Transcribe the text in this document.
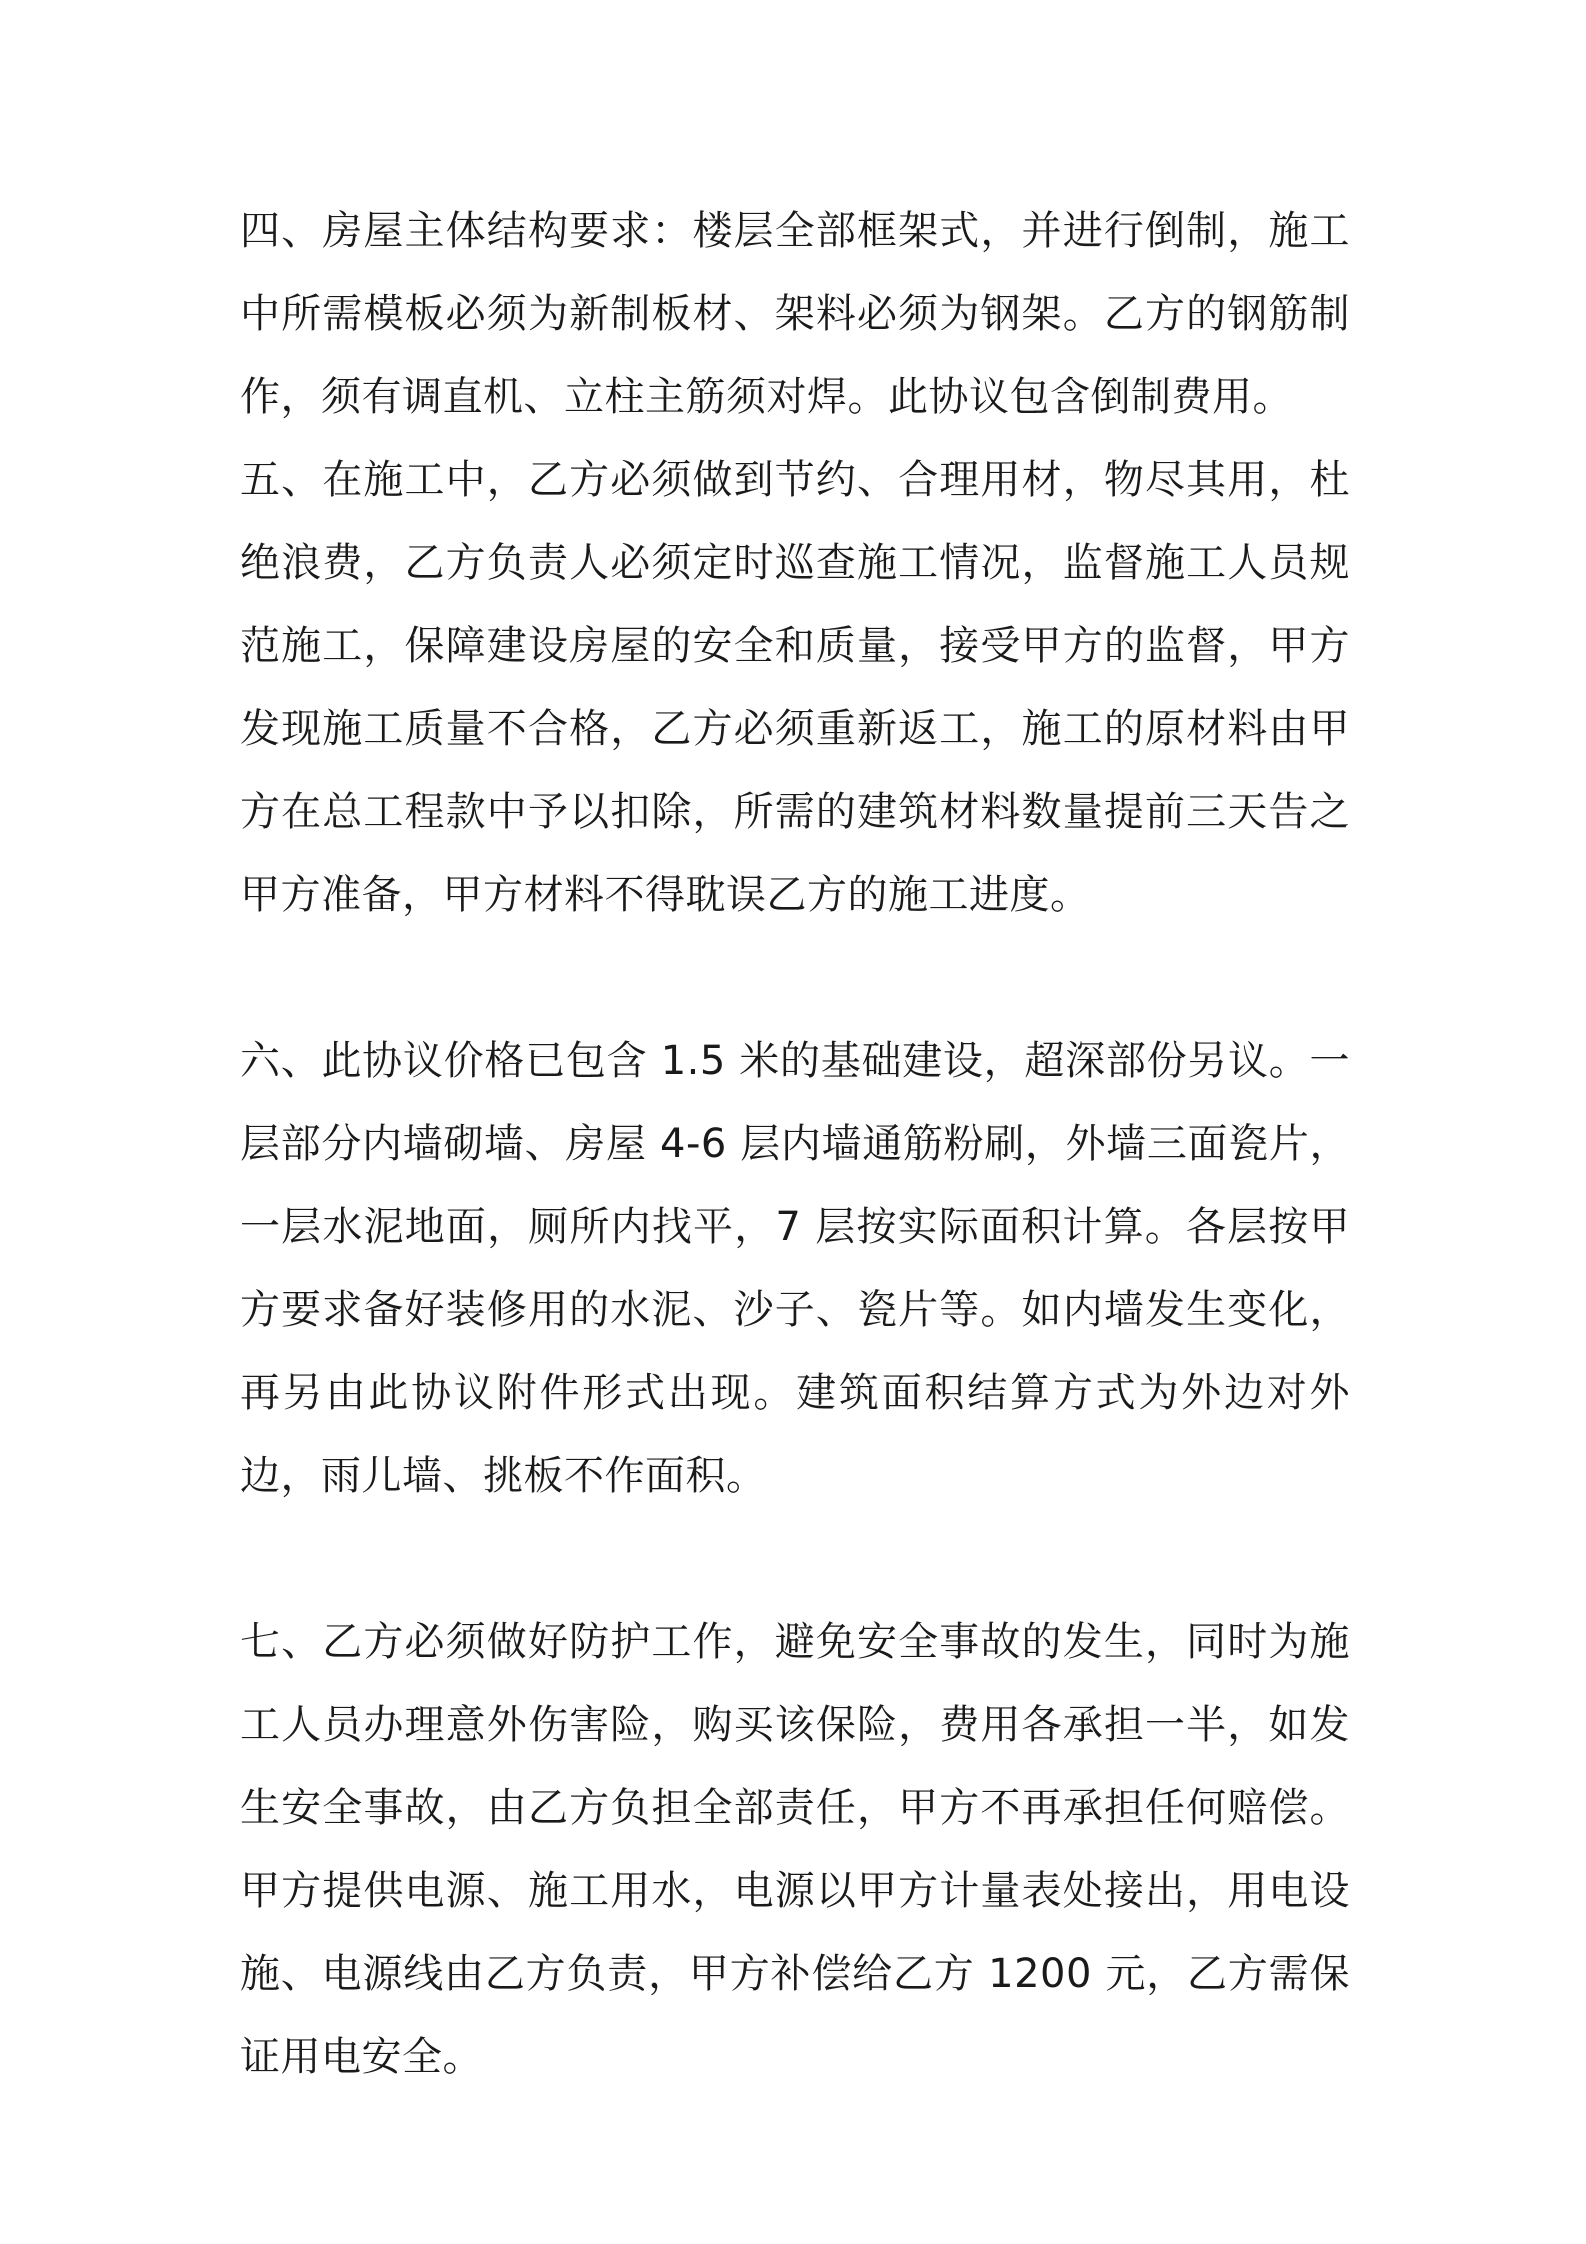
四、房屋主体结构要求：楼层全部框架式，并进行倒制，施工中所需模板必须为新制板材、架料必须为钢架。乙方的钢筋制作，须有调直机、立柱主筋须对焊。此协议包含倒制费用。

五、在施工中，乙方必须做到节约、合理用材，物尽其用，杜绝浪费，乙方负责人必须定时巡查施工情况，监督施工人员规范施工，保障建设房屋的安全和质量，接受甲方的监督，甲方发现施工质量不合格，乙方必须重新返工，施工的原材料由甲方在总工程款中予以扣除，所需的建筑材料数量提前三天告之甲方准备，甲方材料不得耽误乙方的施工进度。

六、此协议价格已包含 1.5 米的基础建设，超深部份另议。一层部分内墙砌墙、房屋 4-6 层内墙通筋粉刷，外墙三面瓷片，一层水泥地面，厕所内找平，7 层按实际面积计算。各层按甲方要求备好装修用的水泥、沙子、瓷片等。如内墙发生变化，再另由此协议附件形式出现。建筑面积结算方式为外边对外边，雨儿墙、挑板不作面积。

七、乙方必须做好防护工作，避免安全事故的发生，同时为施工人员办理意外伤害险，购买该保险，费用各承担一半，如发生安全事故，由乙方负担全部责任，甲方不再承担任何赔偿。甲方提供电源、施工用水，电源以甲方计量表处接出，用电设施、电源线由乙方负责，甲方补偿给乙方 1200 元，乙方需保证用电安全。
